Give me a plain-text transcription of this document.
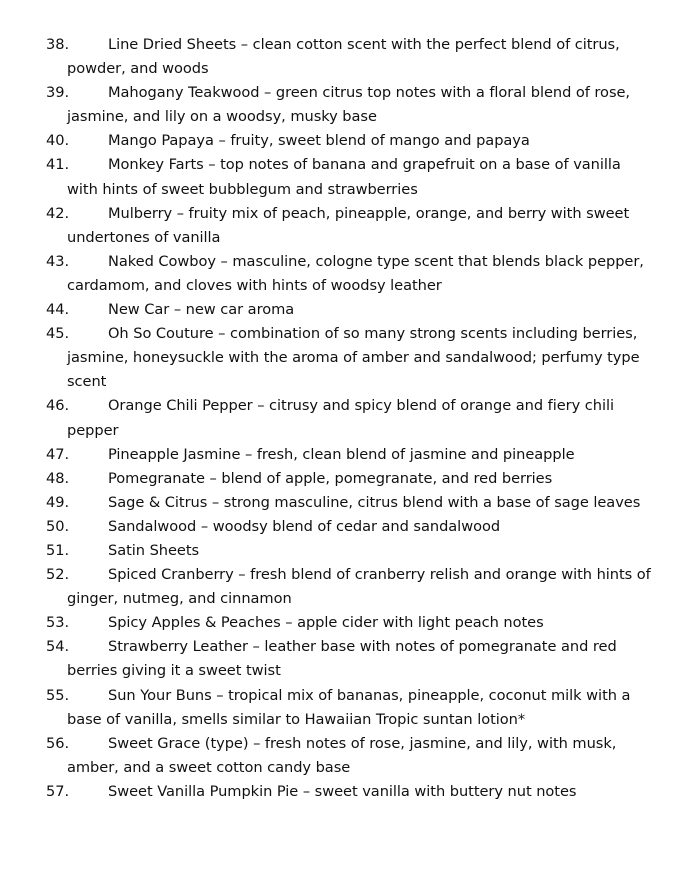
38.	Line Dried Sheets – clean cotton scent with the perfect blend of citrus, powder, and woods
39.	Mahogany Teakwood – green citrus top notes with a floral blend of rose, jasmine, and lily on a woodsy, musky base
40.	Mango Papaya – fruity, sweet blend of mango and papaya
41.	Monkey Farts – top notes of banana and grapefruit on a base of vanilla with hints of sweet bubblegum and strawberries
42.	Mulberry – fruity mix of peach, pineapple, orange, and berry with sweet undertones of vanilla
43.	Naked Cowboy – masculine, cologne type scent that blends black pepper, cardamom, and cloves with hints of woodsy leather
44.	New Car – new car aroma
45.	Oh So Couture – combination of so many strong scents including berries, jasmine, honeysuckle with the aroma of amber and sandalwood; perfumy type scent
46.	Orange Chili Pepper – citrusy and spicy blend of orange and fiery chili pepper
47.	Pineapple Jasmine – fresh, clean blend of jasmine and pineapple
48.	Pomegranate – blend of apple, pomegranate, and red berries
49.	Sage & Citrus – strong masculine, citrus blend with a base of sage leaves
50.	Sandalwood – woodsy blend of cedar and sandalwood
51.	Satin Sheets
52.	Spiced Cranberry – fresh blend of cranberry relish and orange with hints of ginger, nutmeg, and cinnamon
53.	Spicy Apples & Peaches – apple cider with light peach notes
54.	Strawberry Leather – leather base with notes of pomegranate and red berries giving it a sweet twist
55.	Sun Your Buns – tropical mix of bananas, pineapple, coconut milk with a base of vanilla, smells similar to Hawaiian Tropic suntan lotion*
56.	Sweet Grace (type) – fresh notes of rose, jasmine, and lily, with musk, amber, and a sweet cotton candy base
57.	Sweet Vanilla Pumpkin Pie – sweet vanilla with buttery nut notes
